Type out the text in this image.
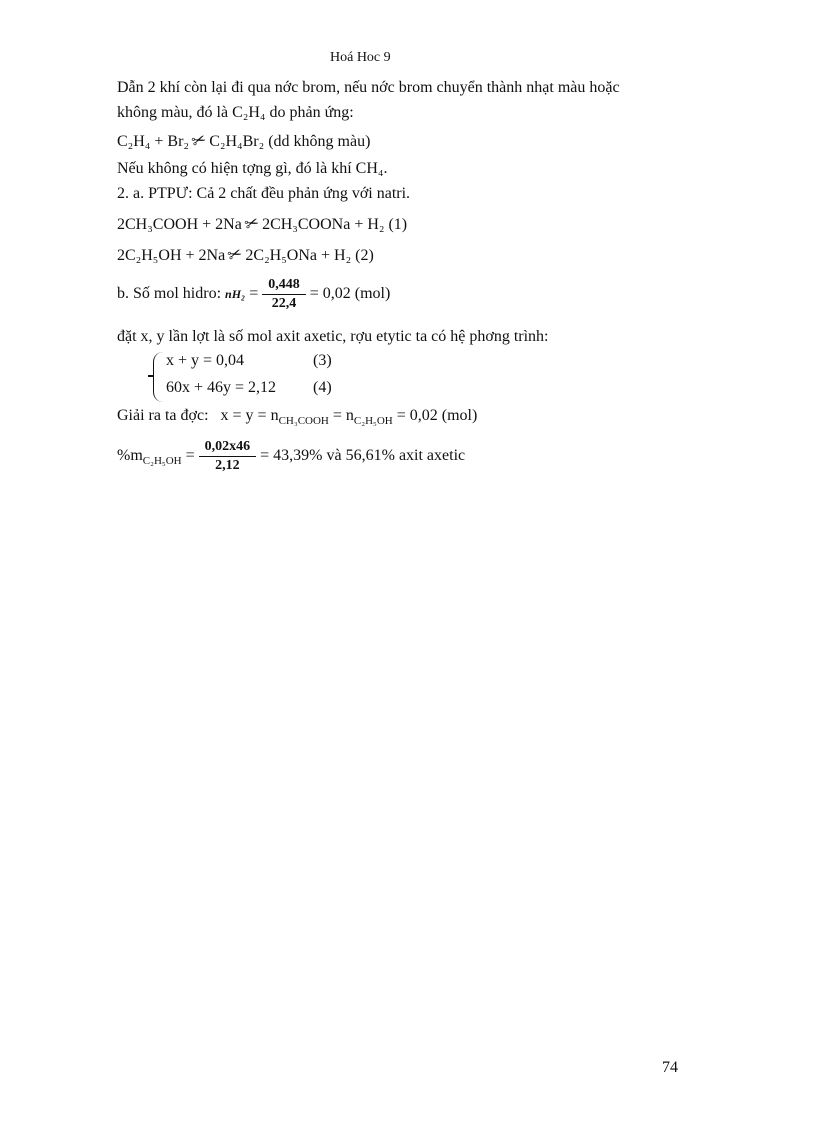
Hoá Hoc 9
Dẫn 2 khí còn lại đi qua nớc brom, nếu nớc brom chuyển thành nhạt màu hoặc
không màu, đó là C₂H₄ do phản ứng:
C₂H₄ + Br₂✂C₂H₄Br₂ (dd không màu)
Nếu không có hiện tợng gì, đó là khí CH₄.
2. a. PTPƯ: Cả 2 chất đều phản ứng với natri.
2CH₃COOH + 2Na✂2CH₃COONa + H₂ (1)
2C₂H₅OH + 2Na✂2C₂H₅ONa + H₂ (2)
b. Số mol hidro: $nH_2 = \frac{0,448}{22,4} = 0,02$ (mol)
đặt x, y lần lợt là số mol axit axetic, rợu etytic ta có hệ phơng trình:
x + y = 0,04	(3)
60x + 46y = 2,12 (4)
Giải ra ta đợc: $x = y = n_{CH_3COOH} = n_{C_2H_5OH} = 0,02$ (mol)
$\%m_{C_2H_5OH} = \frac{0,02x46}{2,12} = 43,39\%$ và 56,61% axit axetic
74
